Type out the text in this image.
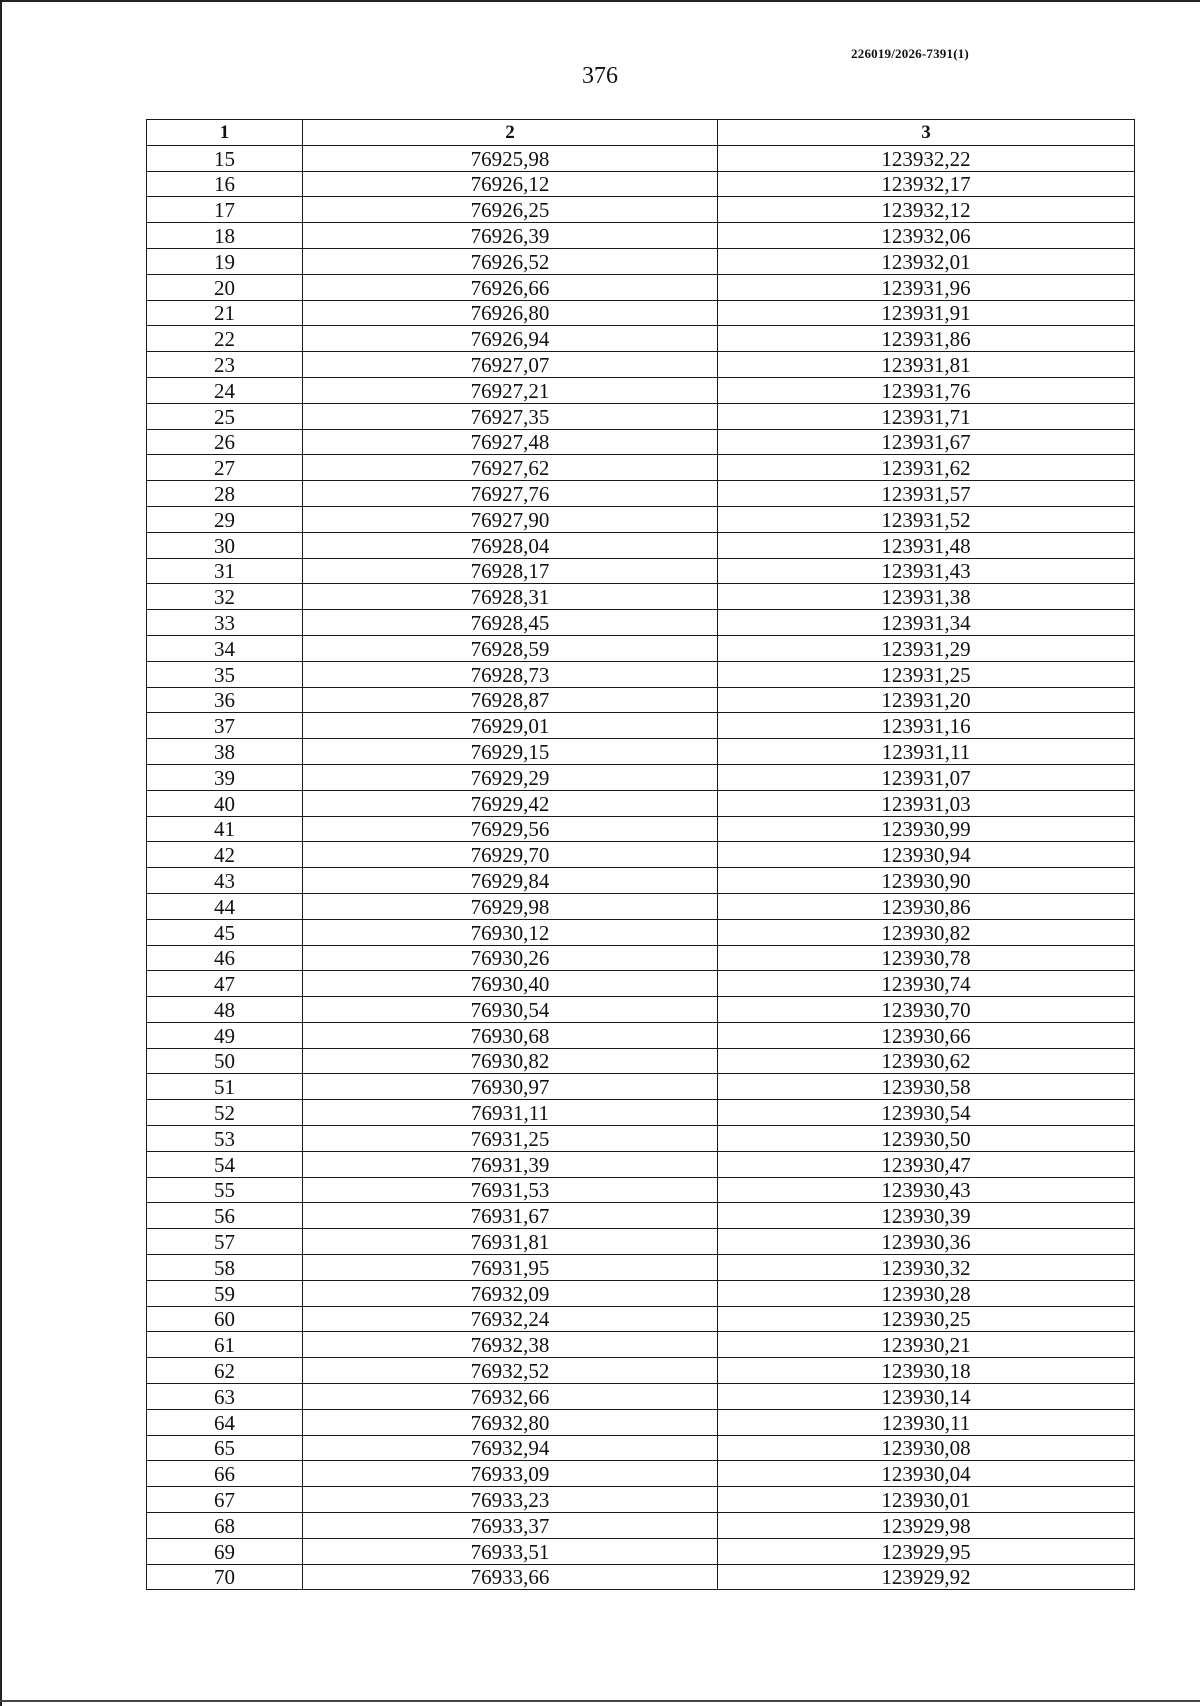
226019/2026-7391(1)
376
1	2	3
15	76925,98	123932,22
16	76926,12	123932,17
17	76926,25	123932,12
18	76926,39	123932,06
19	76926,52	123932,01
20	76926,66	123931,96
21	76926,80	123931,91
22	76926,94	123931,86
23	76927,07	123931,81
24	76927,21	123931,76
25	76927,35	123931,71
26	76927,48	123931,67
27	76927,62	123931,62
28	76927,76	123931,57
29	76927,90	123931,52
30	76928,04	123931,48
31	76928,17	123931,43
32	76928,31	123931,38
33	76928,45	123931,34
34	76928,59	123931,29
35	76928,73	123931,25
36	76928,87	123931,20
37	76929,01	123931,16
38	76929,15	123931,11
39	76929,29	123931,07
40	76929,42	123931,03
41	76929,56	123930,99
42	76929,70	123930,94
43	76929,84	123930,90
44	76929,98	123930,86
45	76930,12	123930,82
46	76930,26	123930,78
47	76930,40	123930,74
48	76930,54	123930,70
49	76930,68	123930,66
50	76930,82	123930,62
51	76930,97	123930,58
52	76931,11	123930,54
53	76931,25	123930,50
54	76931,39	123930,47
55	76931,53	123930,43
56	76931,67	123930,39
57	76931,81	123930,36
58	76931,95	123930,32
59	76932,09	123930,28
60	76932,24	123930,25
61	76932,38	123930,21
62	76932,52	123930,18
63	76932,66	123930,14
64	76932,80	123930,11
65	76932,94	123930,08
66	76933,09	123930,04
67	76933,23	123930,01
68	76933,37	123929,98
69	76933,51	123929,95
70	76933,66	123929,92
